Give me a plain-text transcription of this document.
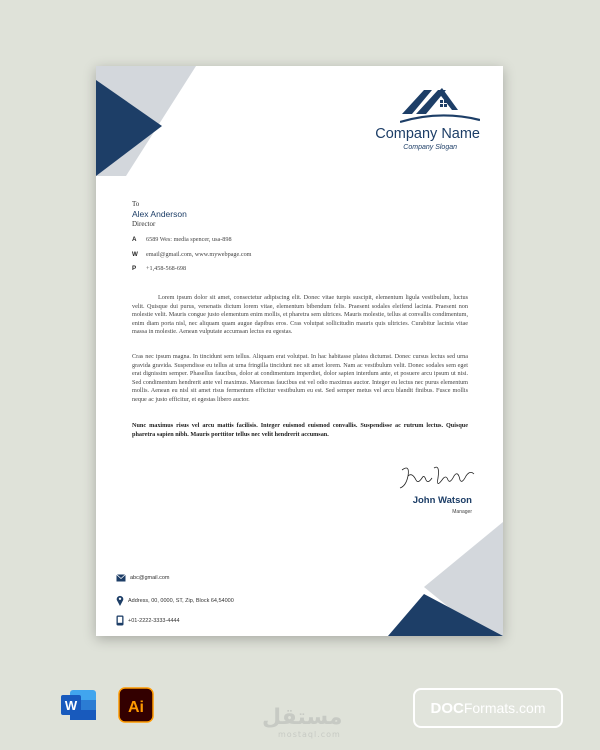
Company Name
Company Slogan
To
Alex Anderson
Director
A 6589 Wes: media spencer, usa-898
W email@gmail.com, www.mywebpage.com
P +1,458-568-698
Lorem ipsum dolor sit amet, consectetur adipiscing elit. Donec vitae turpis suscipit, elementum ligula vestibulum, luctus velit. Quisque dui purus, venenatis dictum lorem vitae, elementum bibendum felis. Praesent sodales eleifend lacinia. Praesent non molestie velit. Mauris congue justo elementum enim mollis, et pharetra sem ultrices. Mauris molestie, tellus at convallis condimentum, enim diam porta nisl, nec aliquam quam augue dapibus eros. Cras volutpat sollicitudin mauris quis ultricies. Curabitur lacinia vitae massa in molestie. Aenean vulputate accumsan lectus eu egestas.
Cras nec ipsum magna. In tincidunt sem tellus. Aliquam erat volutpat. In hac habitasse platea dictumst. Donec cursus lectus sed urna gravida gravida. Suspendisse eu tellus at urna fringilla tincidunt nec sit amet lorem. Nam ac vestibulum velit. Donec sodales sem eget erat dignissim semper. Phasellus faucibus, dolor at condimentum imperdiet, dolor sapien interdum ante, et posuere arcu ipsum ut nisi. Sed condimentum hendrerit ante vel maximus. Maecenas faucibus est vel odio maximus auctor. Integer eu lectus nec purus elementum mollis. Aenean eu nisl sit amet risus fermentum efficitur vestibulum eu est. Sed semper metus vel arcu blandit finibus. Fusce mollis neque ac justo efficitur, et egestas libero auctor.
Nunc maximus risus vel arcu mattis facilisis. Integer euismod euismod convallis. Suspendisse ac rutrum lectus. Quisque pharetra sapien nibh. Mauris porttitor tellus nec velit hendrerit accumsan.
John Watson
Manager
abc@gmail.com
Address, 00, 0000, ST, Zip, Block 64,54000
+01-2222-3333-4444
W	Ai	مستقل
mostaql.com
DOC Formats.com
